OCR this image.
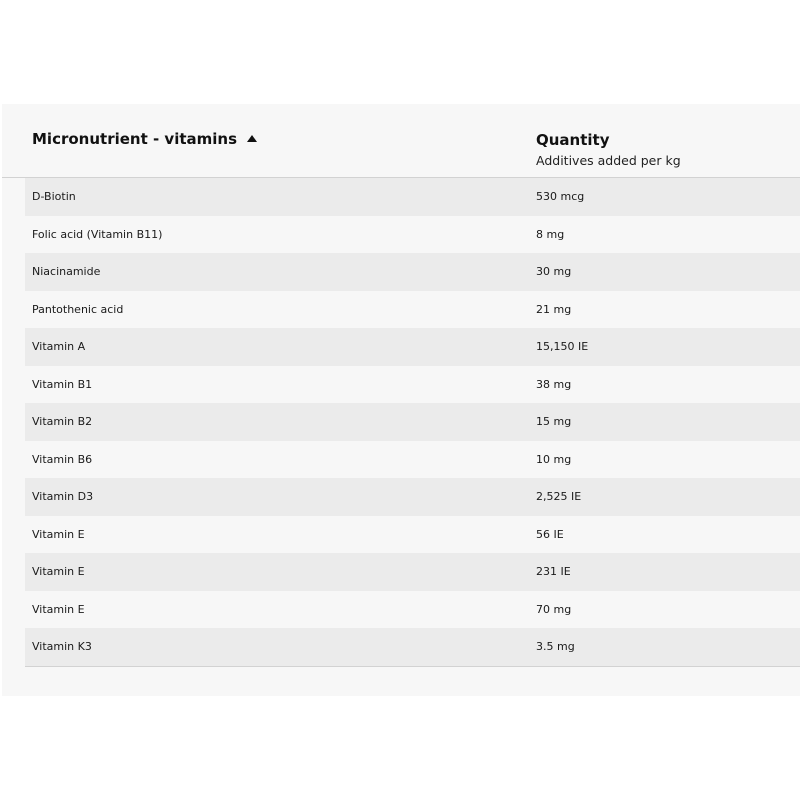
Micronutrient - vitamins	Quantity
Additives added per kg
D-Biotin	530 mcg
Folic acid (Vitamin B11)	8 mg
Niacinamide	30 mg
Pantothenic acid	21 mg
Vitamin A	15,150 IE
Vitamin B1	38 mg
Vitamin B2	15 mg
Vitamin B6	10 mg
Vitamin D3	2,525 IE
Vitamin E	56 IE
Vitamin E	231 IE
Vitamin E	70 mg
Vitamin K3	3.5 mg
